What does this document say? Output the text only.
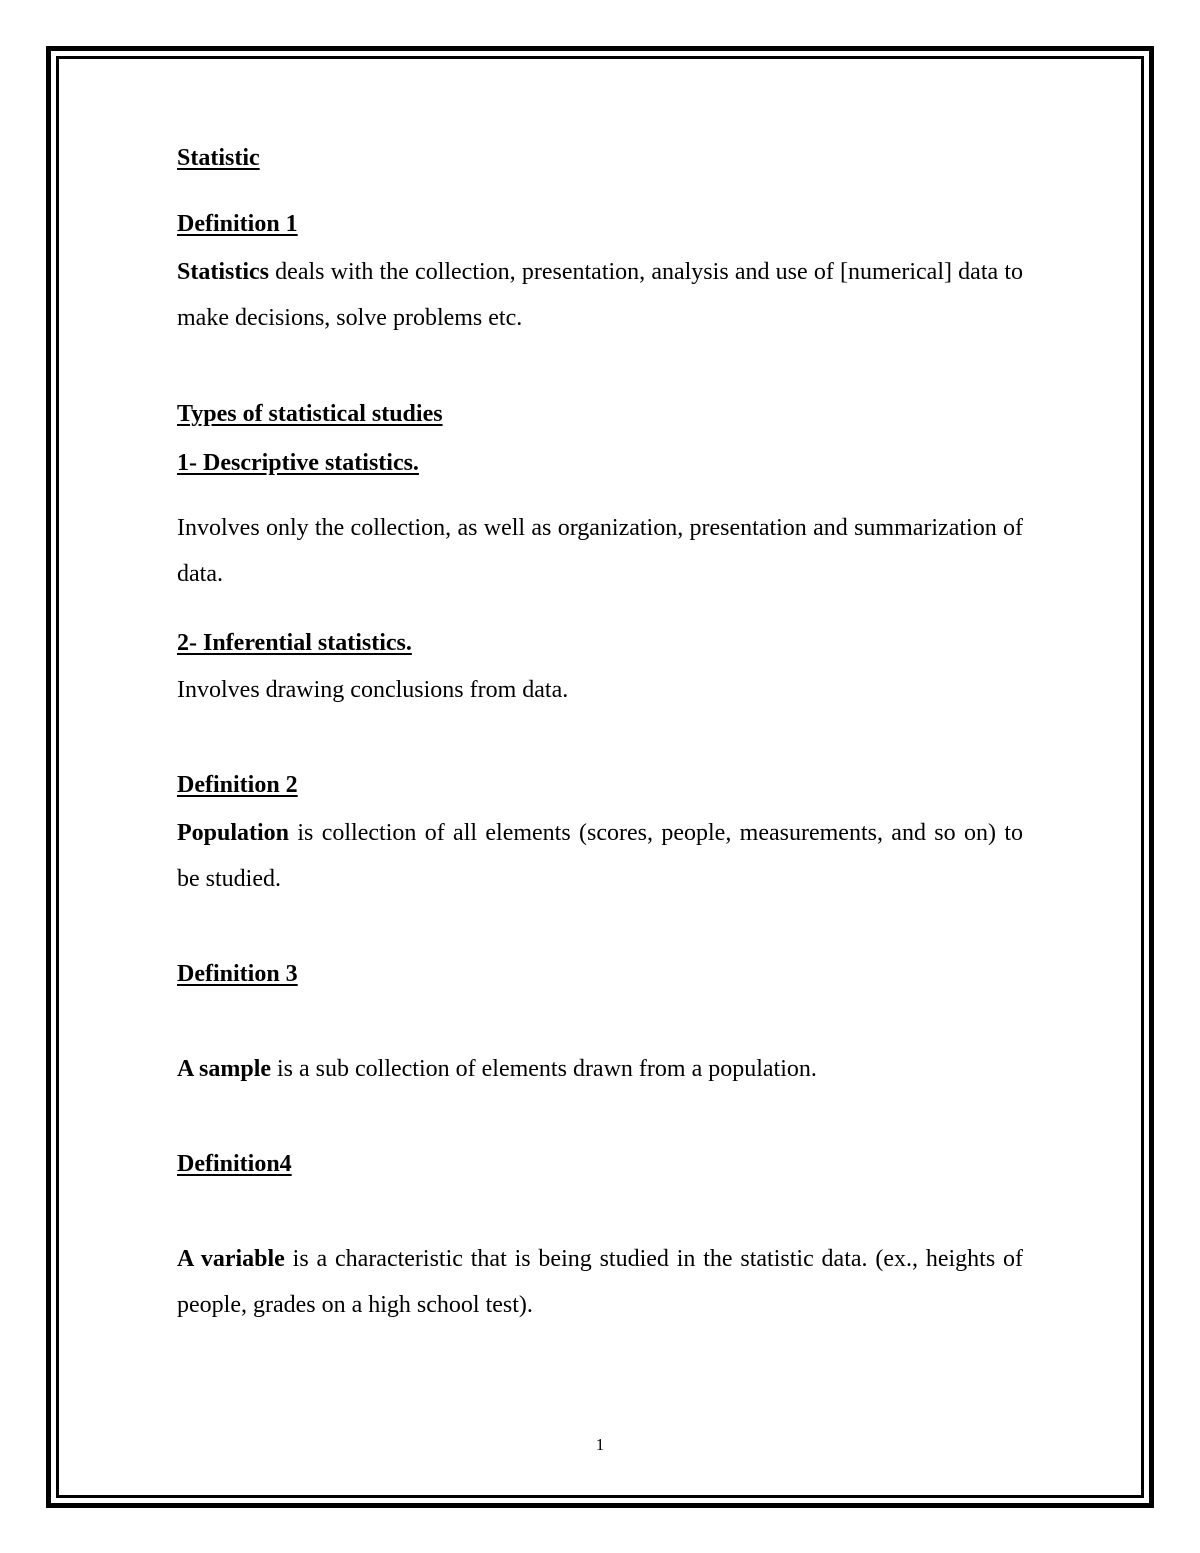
Statistic

Definition 1

Statistics deals with the collection, presentation, analysis and use of [numerical] data to make decisions, solve problems etc.

Types of statistical studies

1- Descriptive statistics.

Involves only the collection, as well as organization, presentation and summarization of data.

2- Inferential statistics.

Involves drawing conclusions from data.

Definition 2

Population is collection of all elements (scores, people, measurements, and so on) to be studied.

Definition 3

A sample is a sub collection of elements drawn from a population.

Definition4

A variable is a characteristic that is being studied in the statistic data. (ex., heights of people, grades on a high school test).

1
